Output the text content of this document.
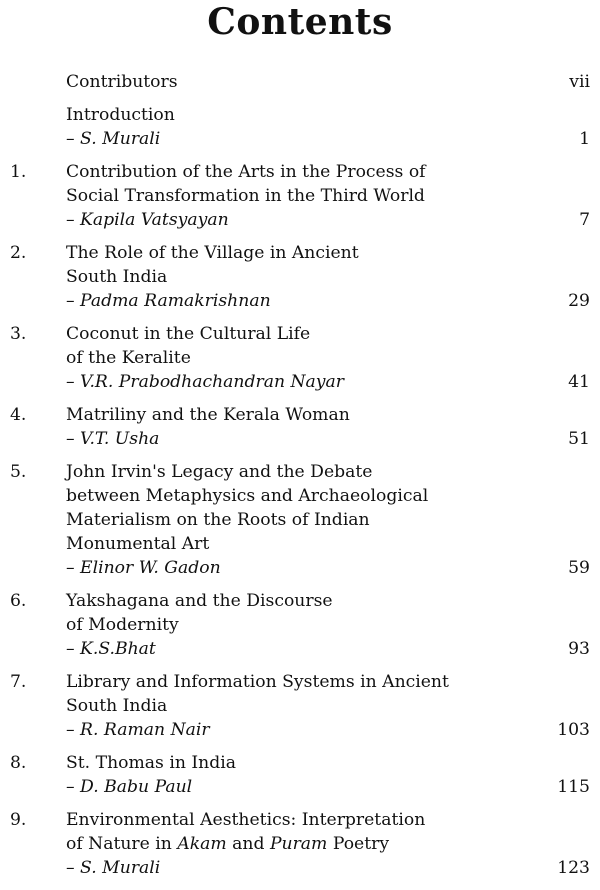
Contents
Contributors	vii
Introduction
– S. Murali	1
1.	Contribution of the Arts in the Process of
Social Transformation in the Third World
– Kapila Vatsyayan	7
2.	The Role of the Village in Ancient
South India
– Padma Ramakrishnan	29
3.	Coconut in the Cultural Life
of the Keralite
– V.R. Prabodhachandran Nayar	41
4.	Matriliny and the Kerala Woman
– V.T. Usha	51
5.	John Irvin's Legacy and the Debate
between Metaphysics and Archaeological
Materialism on the Roots of Indian
Monumental Art
– Elinor W. Gadon	59
6.	Yakshagana and the Discourse
of Modernity
– K.S.Bhat	93
7.	Library and Information Systems in Ancient
South India
– R. Raman Nair	103
8.	St. Thomas in India
– D. Babu Paul	115
9.	Environmental Aesthetics: Interpretation
of Nature in Akam and Puram Poetry
– S. Murali	123
